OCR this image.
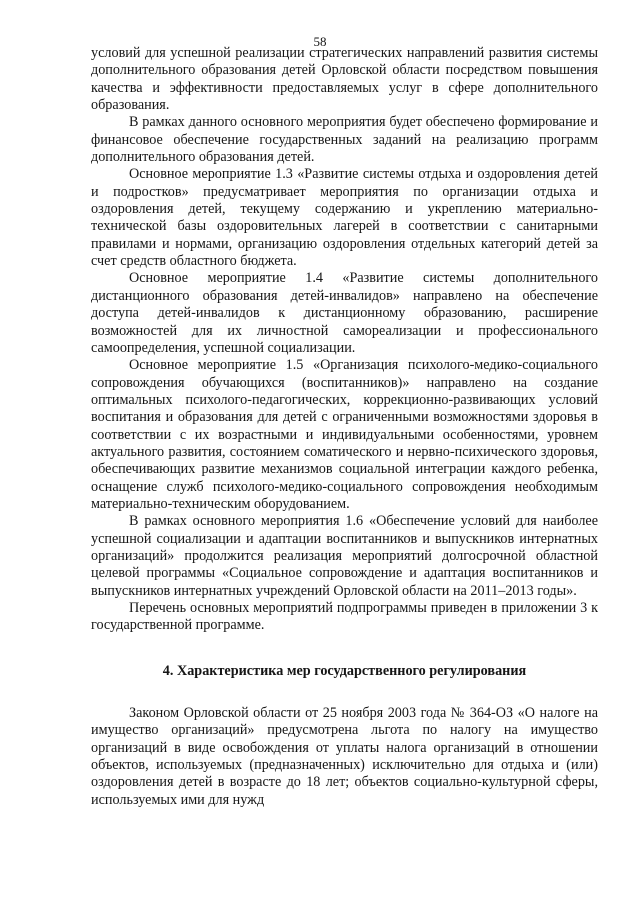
58

условий для успешной реализации стратегических направлений развития системы дополнительного образования детей Орловской области посредством повышения качества и эффективности предоставляемых услуг в сфере дополнительного образования.

В рамках данного основного мероприятия будет обеспечено формирование и финансовое обеспечение государственных заданий на реализацию программ дополнительного образования детей.

Основное мероприятие 1.3 «Развитие системы отдыха и оздоровления детей и подростков» предусматривает мероприятия по организации отдыха и оздоровления детей, текущему содержанию и укреплению материально-технической базы оздоровительных лагерей в соответствии с санитарными правилами и нормами, организацию оздоровления отдельных категорий детей за счет средств областного бюджета.

Основное мероприятие 1.4 «Развитие системы дополнительного дистанционного образования детей-инвалидов» направлено на обеспечение доступа детей-инвалидов к дистанционному образованию, расширение возможностей для их личностной самореализации и профессионального самоопределения, успешной социализации.

Основное мероприятие 1.5 «Организация психолого-медико-социального сопровождения обучающихся (воспитанников)» направлено на создание оптимальных психолого-педагогических, коррекционно-развивающих условий воспитания и образования для детей с ограниченными возможностями здоровья в соответствии с их возрастными и индивидуальными особенностями, уровнем актуального развития, состоянием соматического и нервно-психического здоровья, обеспечивающих развитие механизмов социальной интеграции каждого ребенка, оснащение служб психолого-медико-социального сопровождения необходимым материально-техническим оборудованием.

В рамках основного мероприятия 1.6 «Обеспечение условий для наиболее успешной социализации и адаптации воспитанников и выпускников интернатных организаций» продолжится реализация мероприятий долгосрочной областной целевой программы «Социальное сопровождение и адаптация воспитанников и выпускников интернатных учреждений Орловской области на 2011–2013 годы».

Перечень основных мероприятий подпрограммы приведен в приложении 3 к государственной программе.

4. Характеристика мер государственного регулирования

Законом Орловской области от 25 ноября 2003 года № 364-ОЗ «О налоге на имущество организаций» предусмотрена льгота по налогу на имущество организаций в виде освобождения от уплаты налога организаций в отношении объектов, используемых (предназначенных) исключительно для отдыха и (или) оздоровления детей в возрасте до 18 лет; объектов социально-культурной сферы, используемых ими для нужд
